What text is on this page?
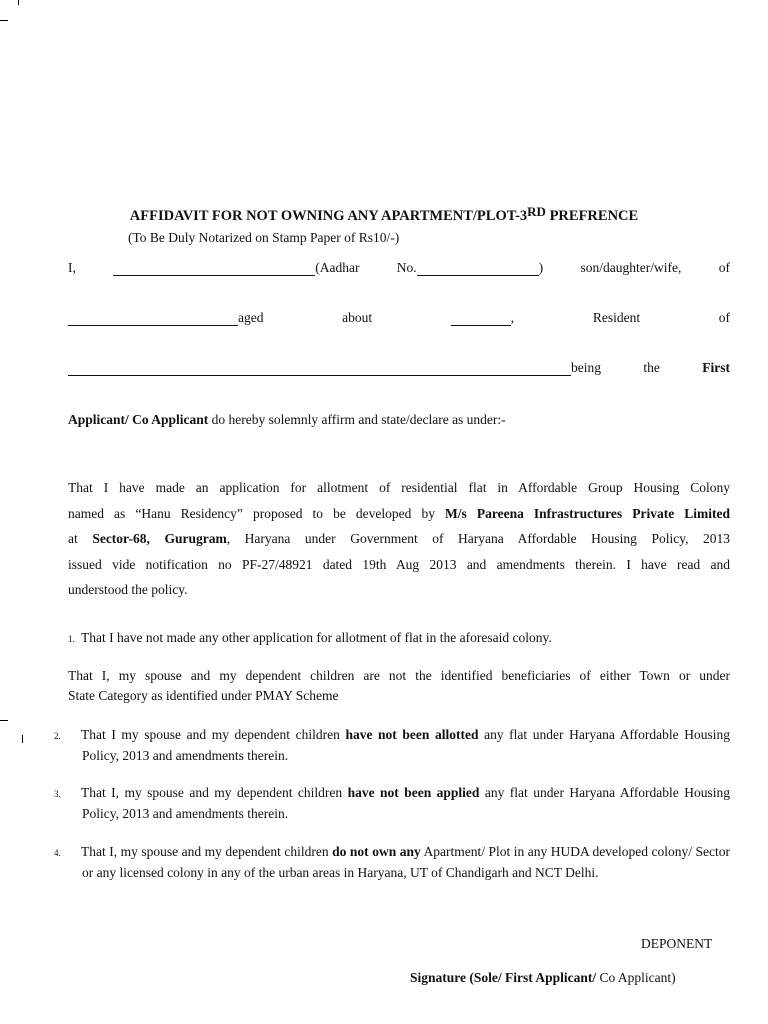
AFFIDAVIT FOR NOT OWNING ANY APARTMENT/PLOT-3RD PREFRENCE
(To Be Duly Notarized on Stamp Paper of Rs10/-)
I,	(Aadhar	No.	)	son/daughter/wife,	of
aged	about	,	Resident	of
being	the	First
Applicant/ Co Applicant do hereby solemnly affirm and state/declare as under:-
That I have made an application for allotment of residential flat in Affordable Group Housing Colony
named as “Hanu Residency” proposed to be developed by M/s Pareena Infrastructures Private Limited
at Sector-68, Gurugram, Haryana under Government of Haryana Affordable Housing Policy, 2013
issued vide notification no PF-27/48921 dated 19th Aug 2013 and amendments therein. I have read and
understood the policy.
1. That I have not made any other application for allotment of flat in the aforesaid colony.
That I, my spouse and my dependent children are not the identified beneficiaries of either Town or under
State Category as identified under PMAY Scheme
2. That I my spouse and my dependent children have not been allotted any flat under Haryana Affordable Housing Policy, 2013 and amendments therein.
3. That I, my spouse and my dependent children have not been applied any flat under Haryana Affordable Housing Policy, 2013 and amendments therein.
4. That I, my spouse and my dependent children do not own any Apartment/ Plot in any HUDA developed colony/ Sector or any licensed colony in any of the urban areas in Haryana, UT of Chandigarh and NCT Delhi.
DEPONENT
Signature (Sole/ First Applicant/ Co Applicant)
